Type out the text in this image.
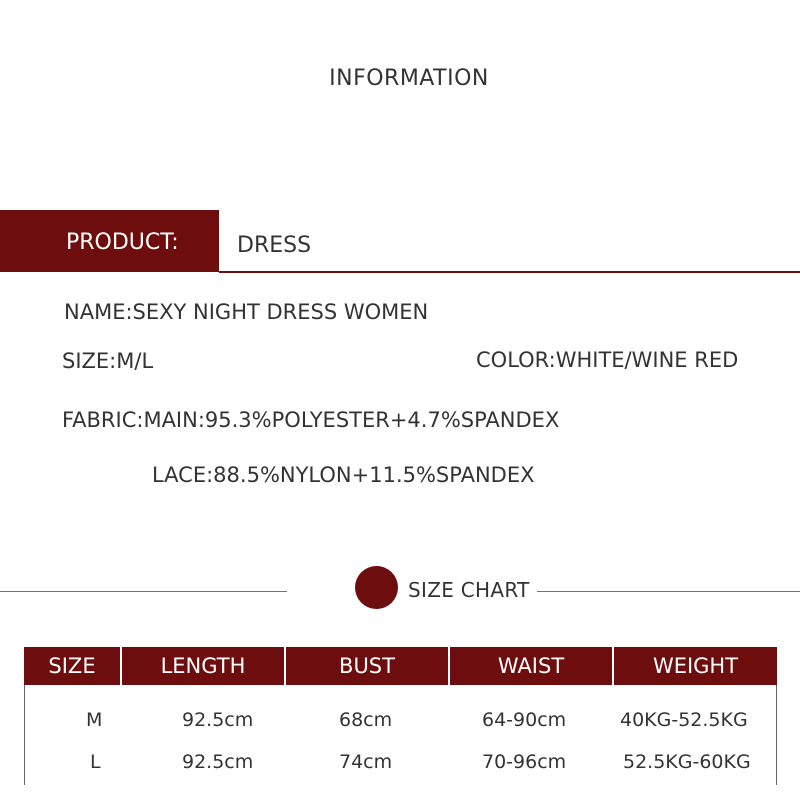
INFORMATION
PRODUCT:	DRESS
NAME:SEXY NIGHT DRESS WOMEN
SIZE:M/L	COLOR:WHITE/WINE RED
FABRIC:MAIN:95.3%POLYESTER+4.7%SPANDEX
LACE:88.5%NYLON+11.5%SPANDEX
SIZE CHART
SIZE	LENGTH	BUST	WAIST	WEIGHT
M	92.5cm	68cm	64-90cm	40KG-52.5KG
L	92.5cm	74cm	70-96cm	52.5KG-60KG
